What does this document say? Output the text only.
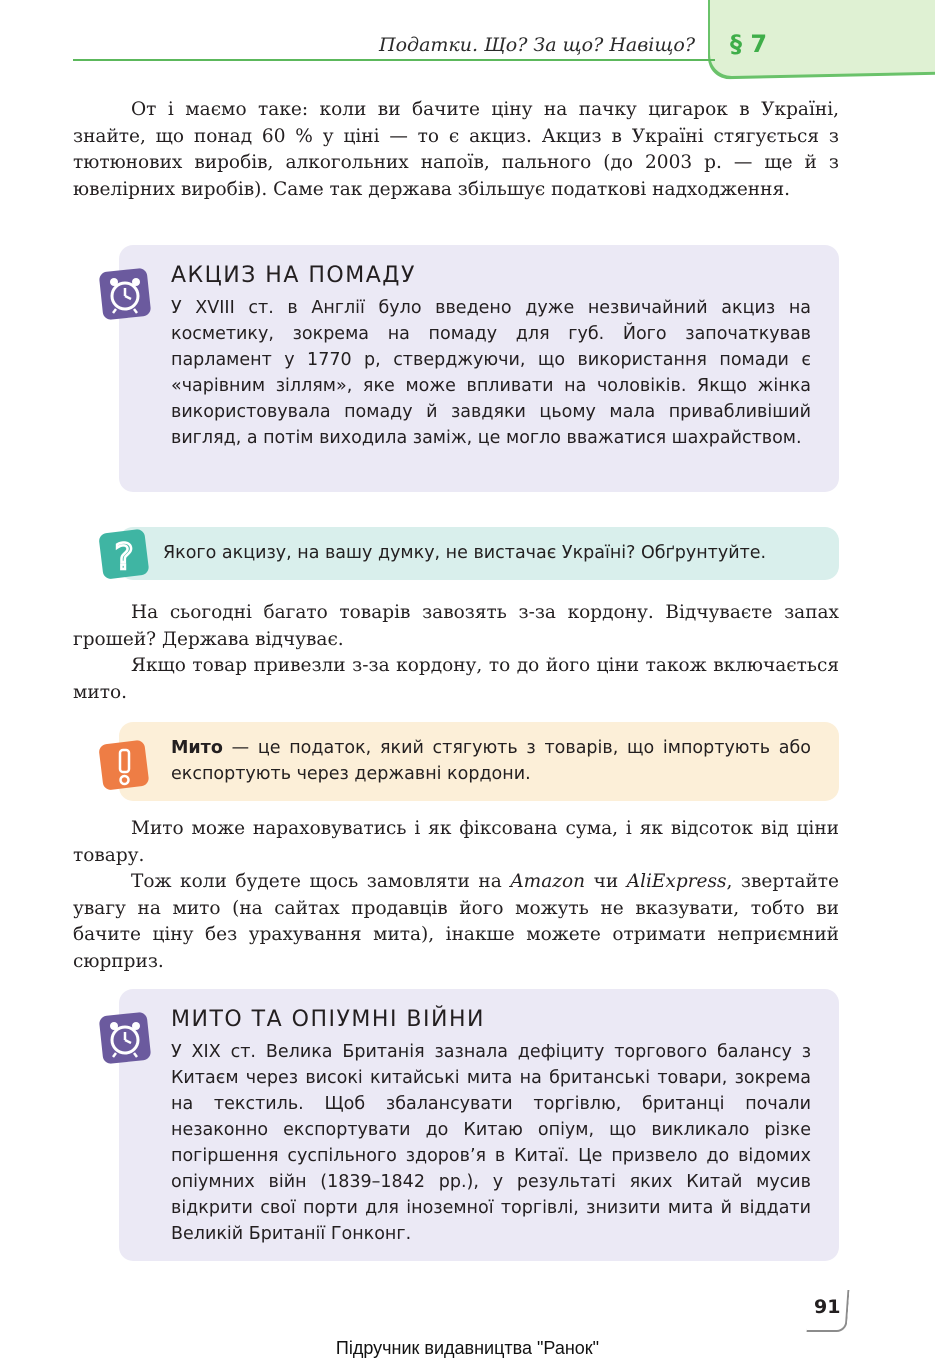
Податки. Що? За що? Навіщо? § 7

От і маємо таке: коли ви бачите ціну на пачку цигарок в Україні, знайте, що понад 60 % у ціні — то є акциз. Акциз в Україні стягується з тютюнових виробів, алкогольних напоїв, пального (до 2003 р. — ще й з ювелірних виробів). Саме так держава збільшує податкові надходження.

АКЦИЗ НА ПОМАДУ

У XVIII ст. в Англії було введено дуже незвичайний акциз на косметику, зокрема на помаду для губ. Його започаткував парламент у 1770 р, стверджуючи, що використання помади є «чарівним зіллям», яке може впливати на чоловіків. Якщо жінка використовувала помаду й завдяки цьому мала привабливіший вигляд, а потім виходила заміж, це могло вважатися шахрайством.

Якого акцизу, на вашу думку, не вистачає Україні? Обґрунтуйте.

?

На сьогодні багато товарів завозять з-за кордону. Відчуваєте запах грошей? Держава відчуває.

Якщо товар привезли з-за кордону, то до його ціни також включається мито.

Мито — це податок, який стягують з товарів, що імпортують або експортують через державні кордони.

Мито може нараховуватись і як фіксована сума, і як відсоток від ціни товару.

Тож коли будете щось замовляти на Amazon чи AliExpress, звертайте увагу на мито (на сайтах продавців його можуть не вказувати, тобто ви бачите ціну без урахування мита), інакше можете отримати неприємний сюрприз.

МИТО ТА ОПІУМНІ ВІЙНИ

У XIX ст. Велика Британія зазнала дефіциту торгового балансу з Китаєм через високі китайські мита на британські товари, зокрема на текстиль. Щоб збалансувати торгівлю, британці почали незаконно експортувати до Китаю опіум, що викликало різке погіршення суспільного здоров’я в Китаї. Це призвело до відомих опіумних війн (1839–1842 рр.), у результаті яких Китай мусив відкрити свої порти для іноземної торгівлі, знизити мита й віддати Великій Британії Гонконг.

91
Підручник видавництва "Ранок"
